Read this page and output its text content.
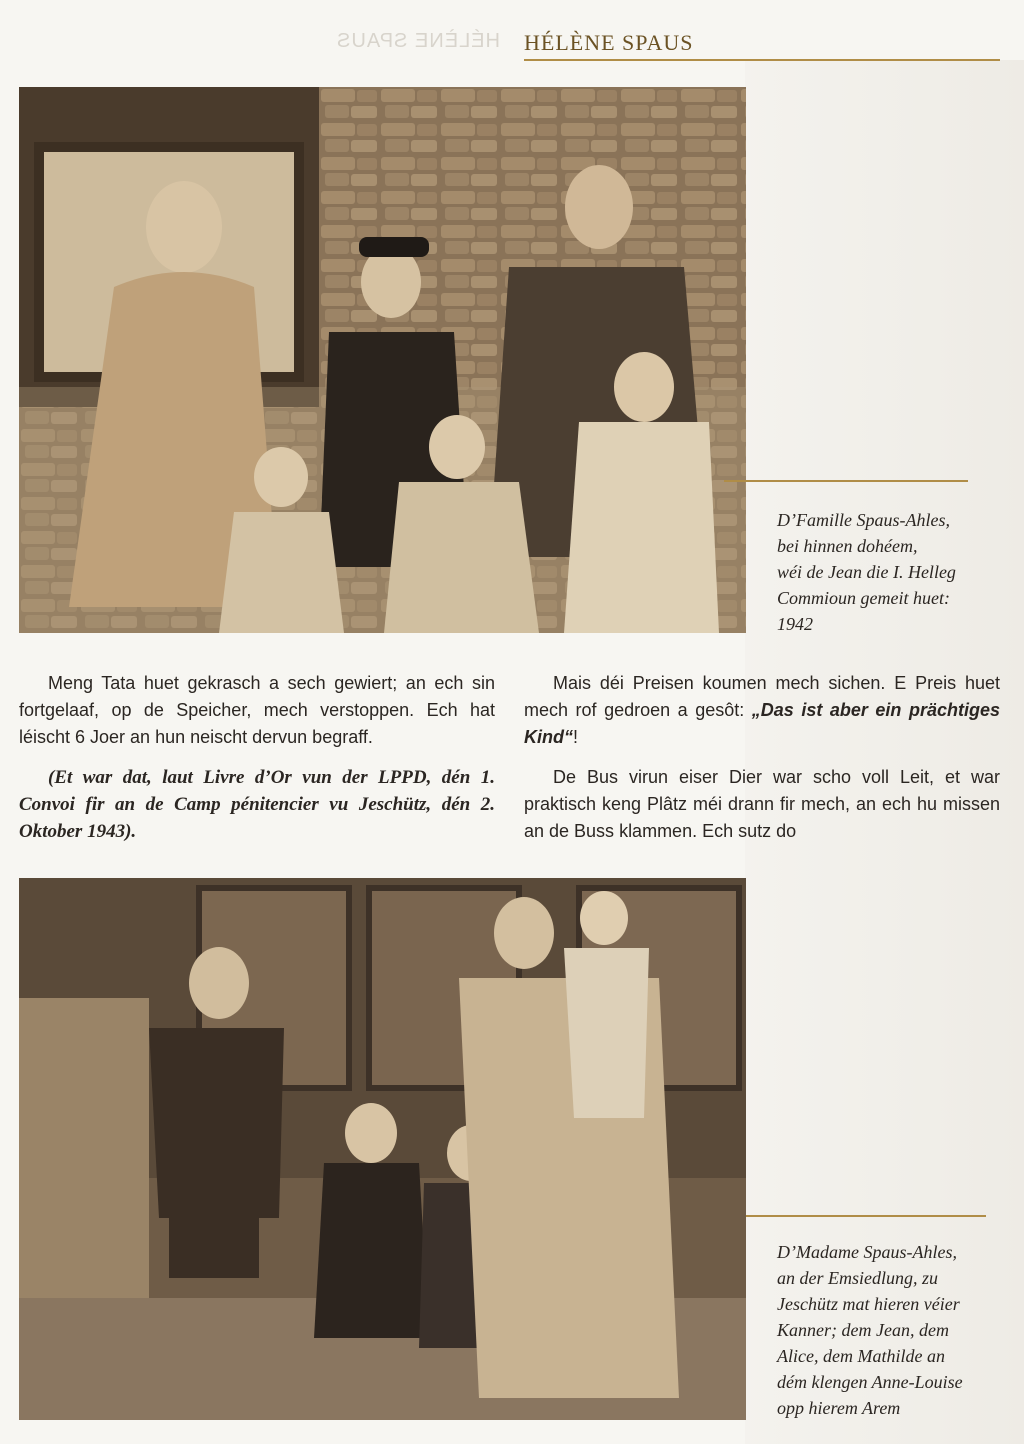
HÉLÈNE SPAUS HÉLÈNE SPAUS
D’Famille Spaus-Ahles,
bei hinnen dohéem,
wéi de Jean die I. Helleg
Commioun gemeit huet:
1942

Meng Tata huet gekrasch a sech gewiert; an ech sin fortgelaaf, op de Speicher, mech verstoppen. Ech hat léischt 6 Joer an hun neischt dervun begraff.

(Et war dat, laut Livre d’Or vun der LPPD, dén 1. Convoi fir an de Camp pénitencier vu Jeschütz, dén 2. Oktober 1943).

Mais déi Preisen koumen mech sichen. E Preis huet mech rof gedroen a gesôt: „Das ist aber ein prächtiges Kind“!

De Bus virun eiser Dier war scho voll Leit, et war praktisch keng Plâtz méi drann fir mech, an ech hu missen an de Buss klammen. Ech sutz do

D’Madame Spaus-Ahles,
an der Emsiedlung, zu
Jeschütz mat hieren véier
Kanner; dem Jean, dem
Alice, dem Mathilde an
dém klengen Anne-Louise
opp hierem Arem
